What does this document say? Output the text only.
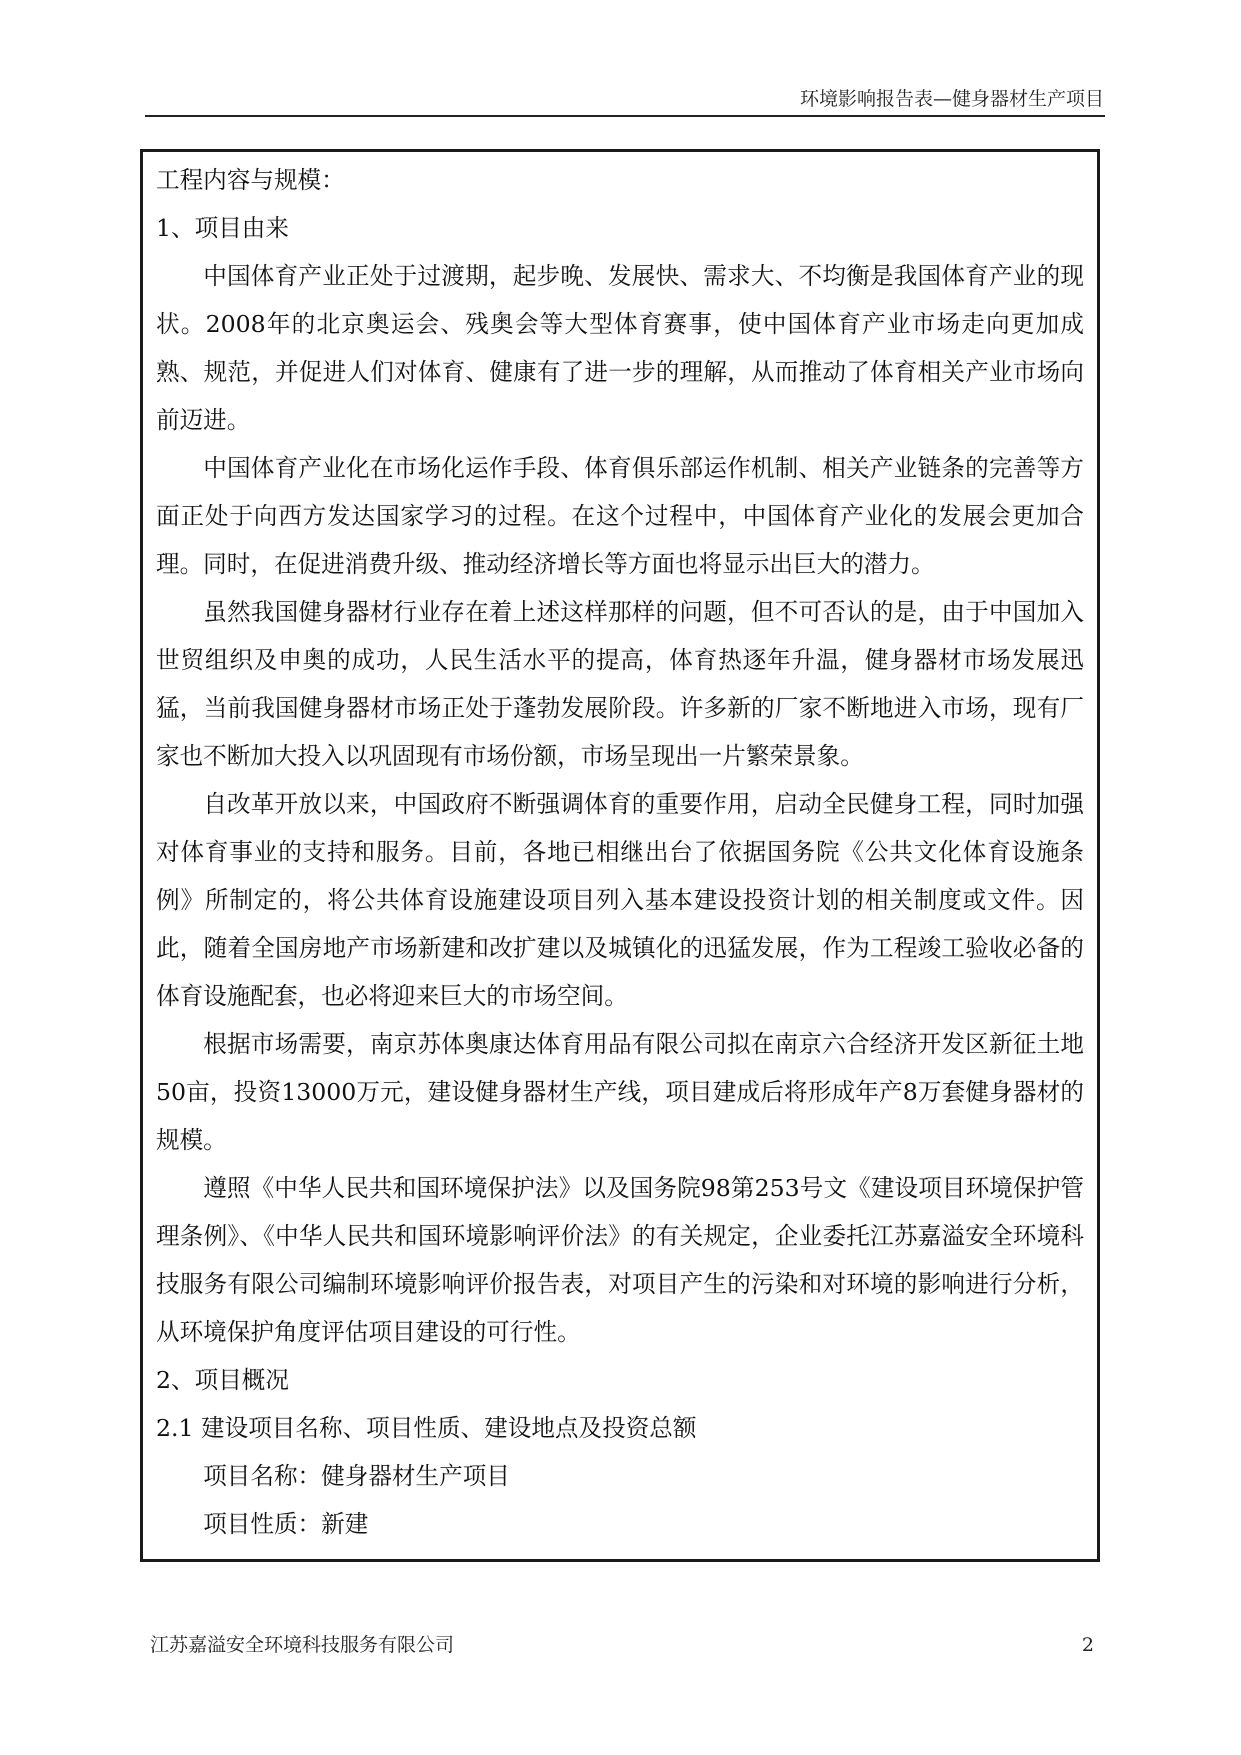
环境影响报告表—健身器材生产项目
工程内容与规模：
1、项目由来

中国体育产业正处于过渡期，起步晚、发展快、需求大、不均衡是我国体育产业的现状。2008年的北京奥运会、残奥会等大型体育赛事，使中国体育产业市场走向更加成熟、规范，并促进人们对体育、健康有了进一步的理解，从而推动了体育相关产业市场向前迈进。

中国体育产业化在市场化运作手段、体育俱乐部运作机制、相关产业链条的完善等方面正处于向西方发达国家学习的过程。在这个过程中，中国体育产业化的发展会更加合理。同时，在促进消费升级、推动经济增长等方面也将显示出巨大的潜力。

虽然我国健身器材行业存在着上述这样那样的问题，但不可否认的是，由于中国加入世贸组织及申奥的成功，人民生活水平的提高，体育热逐年升温，健身器材市场发展迅猛，当前我国健身器材市场正处于蓬勃发展阶段。许多新的厂家不断地进入市场，现有厂家也不断加大投入以巩固现有市场份额，市场呈现出一片繁荣景象。

自改革开放以来，中国政府不断强调体育的重要作用，启动全民健身工程，同时加强对体育事业的支持和服务。目前，各地已相继出台了依据国务院《公共文化体育设施条例》所制定的，将公共体育设施建设项目列入基本建设投资计划的相关制度或文件。因此，随着全国房地产市场新建和改扩建以及城镇化的迅猛发展，作为工程竣工验收必备的体育设施配套，也必将迎来巨大的市场空间。

根据市场需要，南京苏体奥康达体育用品有限公司拟在南京六合经济开发区新征土地50亩，投资13000万元，建设健身器材生产线，项目建成后将形成年产8万套健身器材的规模。

遵照《中华人民共和国环境保护法》以及国务院98第253号文《建设项目环境保护管理条例》、《中华人民共和国环境影响评价法》的有关规定，企业委托江苏嘉溢安全环境科技服务有限公司编制环境影响评价报告表，对项目产生的污染和对环境的影响进行分析，从环境保护角度评估项目建设的可行性。

2、项目概况
2.1 建设项目名称、项目性质、建设地点及投资总额
项目名称：健身器材生产项目
项目性质：新建
江苏嘉溢安全环境科技服务有限公司	2
